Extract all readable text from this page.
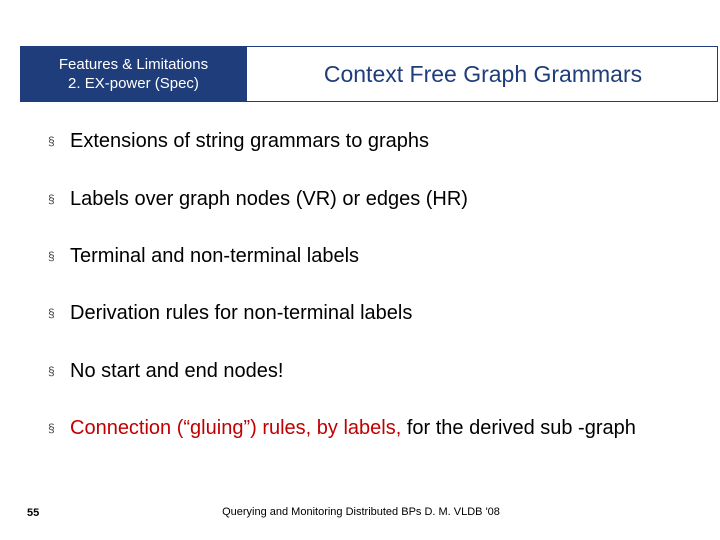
Features & Limitations
2. EX-power (Spec)	Context Free Graph Grammars
§ Extensions of string grammars to graphs
§ Labels over graph nodes (VR) or edges (HR)
§ Terminal and non-terminal labels
§ Derivation rules for non-terminal labels
§ No start and end nodes!
§ Connection (“gluing”) rules, by labels, for the derived sub -graph
55	Querying and Monitoring Distributed BPs D. M. VLDB '08
